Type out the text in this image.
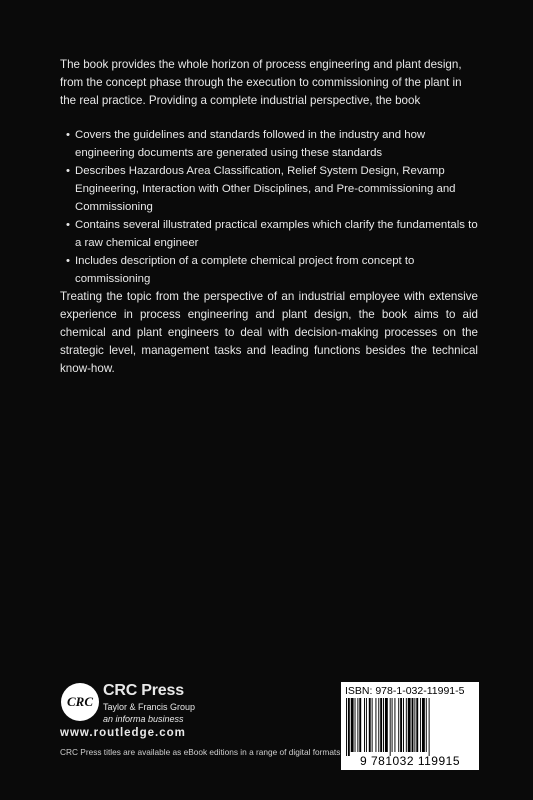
The book provides the whole horizon of process engineering and plant design, from the concept phase through the execution to commissioning of the plant in the real practice. Providing a complete industrial perspective, the book

• Covers the guidelines and standards followed in the industry and how engineering documents are generated using these standards
• Describes Hazardous Area Classification, Relief System Design, Revamp Engineering, Interaction with Other Disciplines, and Pre-commissioning and Commissioning
• Contains several illustrated practical examples which clarify the fundamentals to a raw chemical engineer
• Includes description of a complete chemical project from concept to commissioning

Treating the topic from the perspective of an industrial employee with extensive experience in process engineering and plant design, the book aims to aid chemical and plant engineers to deal with decision-making processes on the strategic level, management tasks and leading functions besides the technical know-how.

CRC
CRC Press
Taylor & Francis Group
an informa business
www.routledge.com
CRC Press titles are available as eBook editions in a range of digital formats
ISBN: 978-1-032-11991-5
9 781032 119915
